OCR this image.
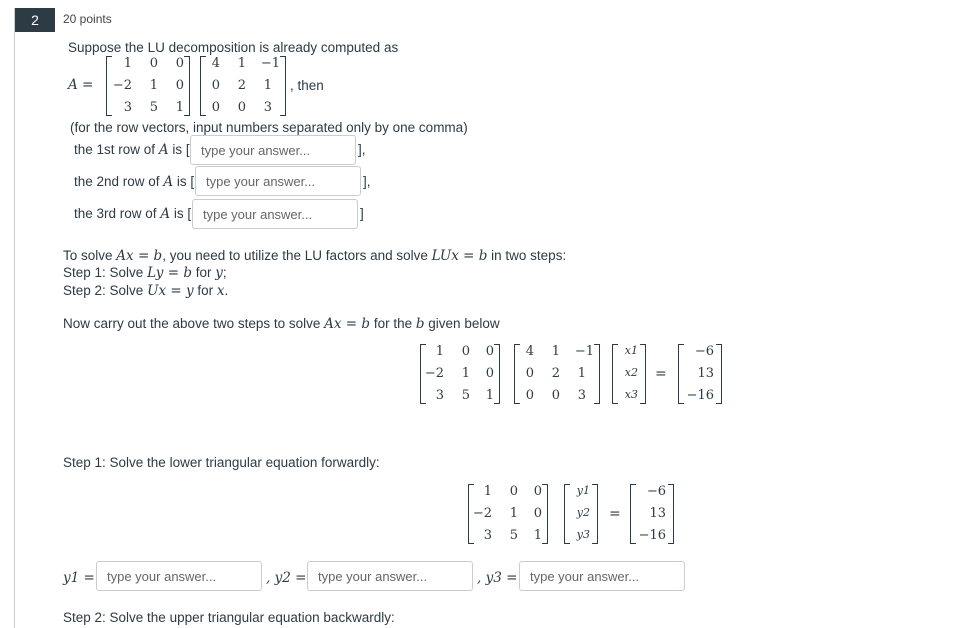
2	20 points
Suppose the LU decomposition is already computed as
A =
1	0	0
−2	1	0
3	5	1
4	1	−1
0	2	1
0	0	3
, then
(for the row vectors, input numbers separated only by one comma)
the 1st row of A is [
type your answer...	],
the 2nd row of A is [
type your answer...	],
the 3rd row of A is [
type your answer...	]
To solve Ax = b, you need to utilize the LU factors and solve LUx = b in two steps:
Step 1: Solve Ly = b for y;
Step 2: Solve Ux = y for x.
Now carry out the above two steps to solve Ax = b for the b given below
1	0	0
−2	1	0
3	5	1
4	1	−1
0	2	1
0	0	3
x1
x2
x3
=
−6
13
−16
Step 1: Solve the lower triangular equation forwardly:
1	0	0
−2	1	0
3	5	1
y1
y2
y3
=
−6
13
−16
y1 =
type your answer...	, y2 =
type your answer...	, y3 =
type your answer...
Step 2: Solve the upper triangular equation backwardly:
